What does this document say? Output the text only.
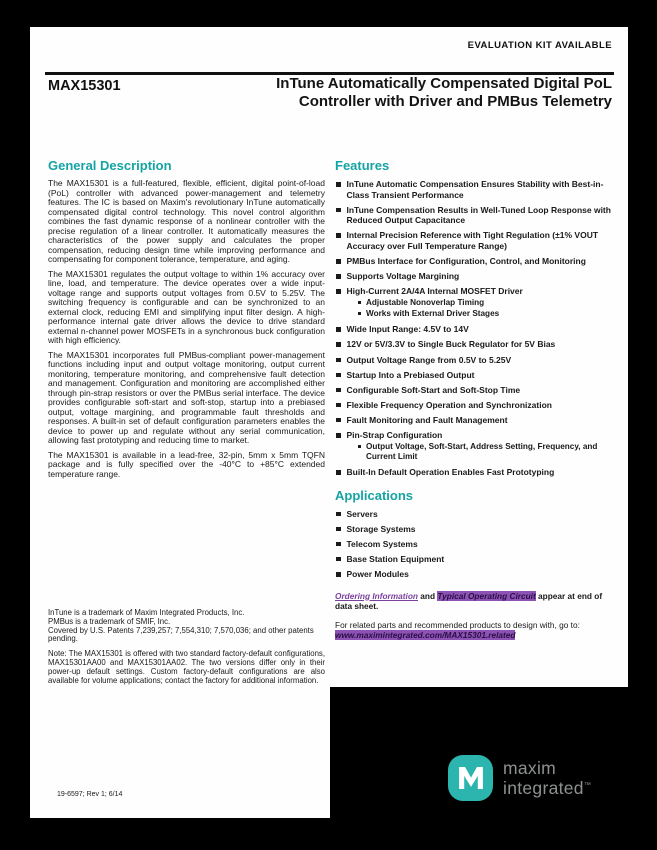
EVALUATION KIT AVAILABLE
MAX15301	InTune Automatically Compensated Digital PoL
Controller with Driver and PMBus Telemetry
General Description

The MAX15301 is a full-featured, flexible, efficient, digital point-of-load (PoL) controller with advanced power-management and telemetry features. The IC is based on Maxim's revolutionary InTune automatically compensated digital control technology. This novel control algorithm combines the fast dynamic response of a nonlinear controller with the precise regulation of a linear controller. It automatically measures the characteristics of the power supply and calculates the proper compensation, reducing design time while improving performance and compensating for component tolerance, temperature, and aging.

The MAX15301 regulates the output voltage to within 1% accuracy over line, load, and temperature. The device operates over a wide input-voltage range and supports output voltages from 0.5V to 5.25V. The switching frequency is configurable and can be synchronized to an external clock, reducing EMI and simplifying input filter design. A high-performance internal gate driver allows the device to drive standard external n-channel power MOSFETs in a synchronous buck configuration with high efficiency.

The MAX15301 incorporates full PMBus-compliant power-management functions including input and output voltage monitoring, output current monitoring, temperature monitoring, and comprehensive fault detection and management. Configuration and monitoring are accomplished either through pin-strap resistors or over the PMBus serial interface. The device provides configurable soft-start and soft-stop, startup into a prebiased output, voltage margining, and programmable fault thresholds and responses. A built-in set of default configuration parameters enables the device to power up and regulate without any serial communication, allowing fast prototyping and reducing time to market.

The MAX15301 is available in a lead-free, 32-pin, 5mm x 5mm TQFN package and is fully specified over the -40°C to +85°C extended temperature range.

Features
InTune Automatic Compensation Ensures Stability with Best-in-Class Transient Performance
InTune Compensation Results in Well-Tuned Loop Response with Reduced Output Capacitance
Internal Precision Reference with Tight Regulation (±1% VOUT Accuracy over Full Temperature Range)
PMBus Interface for Configuration, Control, and Monitoring
Supports Voltage Margining
High-Current 2A/4A Internal MOSFET Driver
Adjustable Nonoverlap Timing
Works with External Driver Stages
Wide Input Range: 4.5V to 14V
12V or 5V/3.3V to Single Buck Regulator for 5V Bias
Output Voltage Range from 0.5V to 5.25V
Startup Into a Prebiased Output
Configurable Soft-Start and Soft-Stop Time
Flexible Frequency Operation and Synchronization
Fault Monitoring and Fault Management
Pin-Strap Configuration
Output Voltage, Soft-Start, Address Setting, Frequency, and Current Limit
Built-In Default Operation Enables Fast Prototyping
Applications
Servers
Storage Systems
Telecom Systems
Base Station Equipment
Power Modules

Ordering Information and Typical Operating Circuit appear at end of data sheet.

For related parts and recommended products to design with, go to: www.maximintegrated.com/MAX15301.related

InTune is a trademark of Maxim Integrated Products, Inc.

PMBus is a trademark of SMIF, Inc.

Covered by U.S. Patents 7,239,257; 7,554,310; 7,570,036; and other patents pending.

Note: The MAX15301 is offered with two standard factory-default configurations, MAX15301AA00 and MAX15301AA02. The two versions differ only in their power-up default settings. Custom factory-default configurations are also available for volume applications; contact the factory for additional information.

19-6597; Rev 1; 6/14
maxim
integrated™
